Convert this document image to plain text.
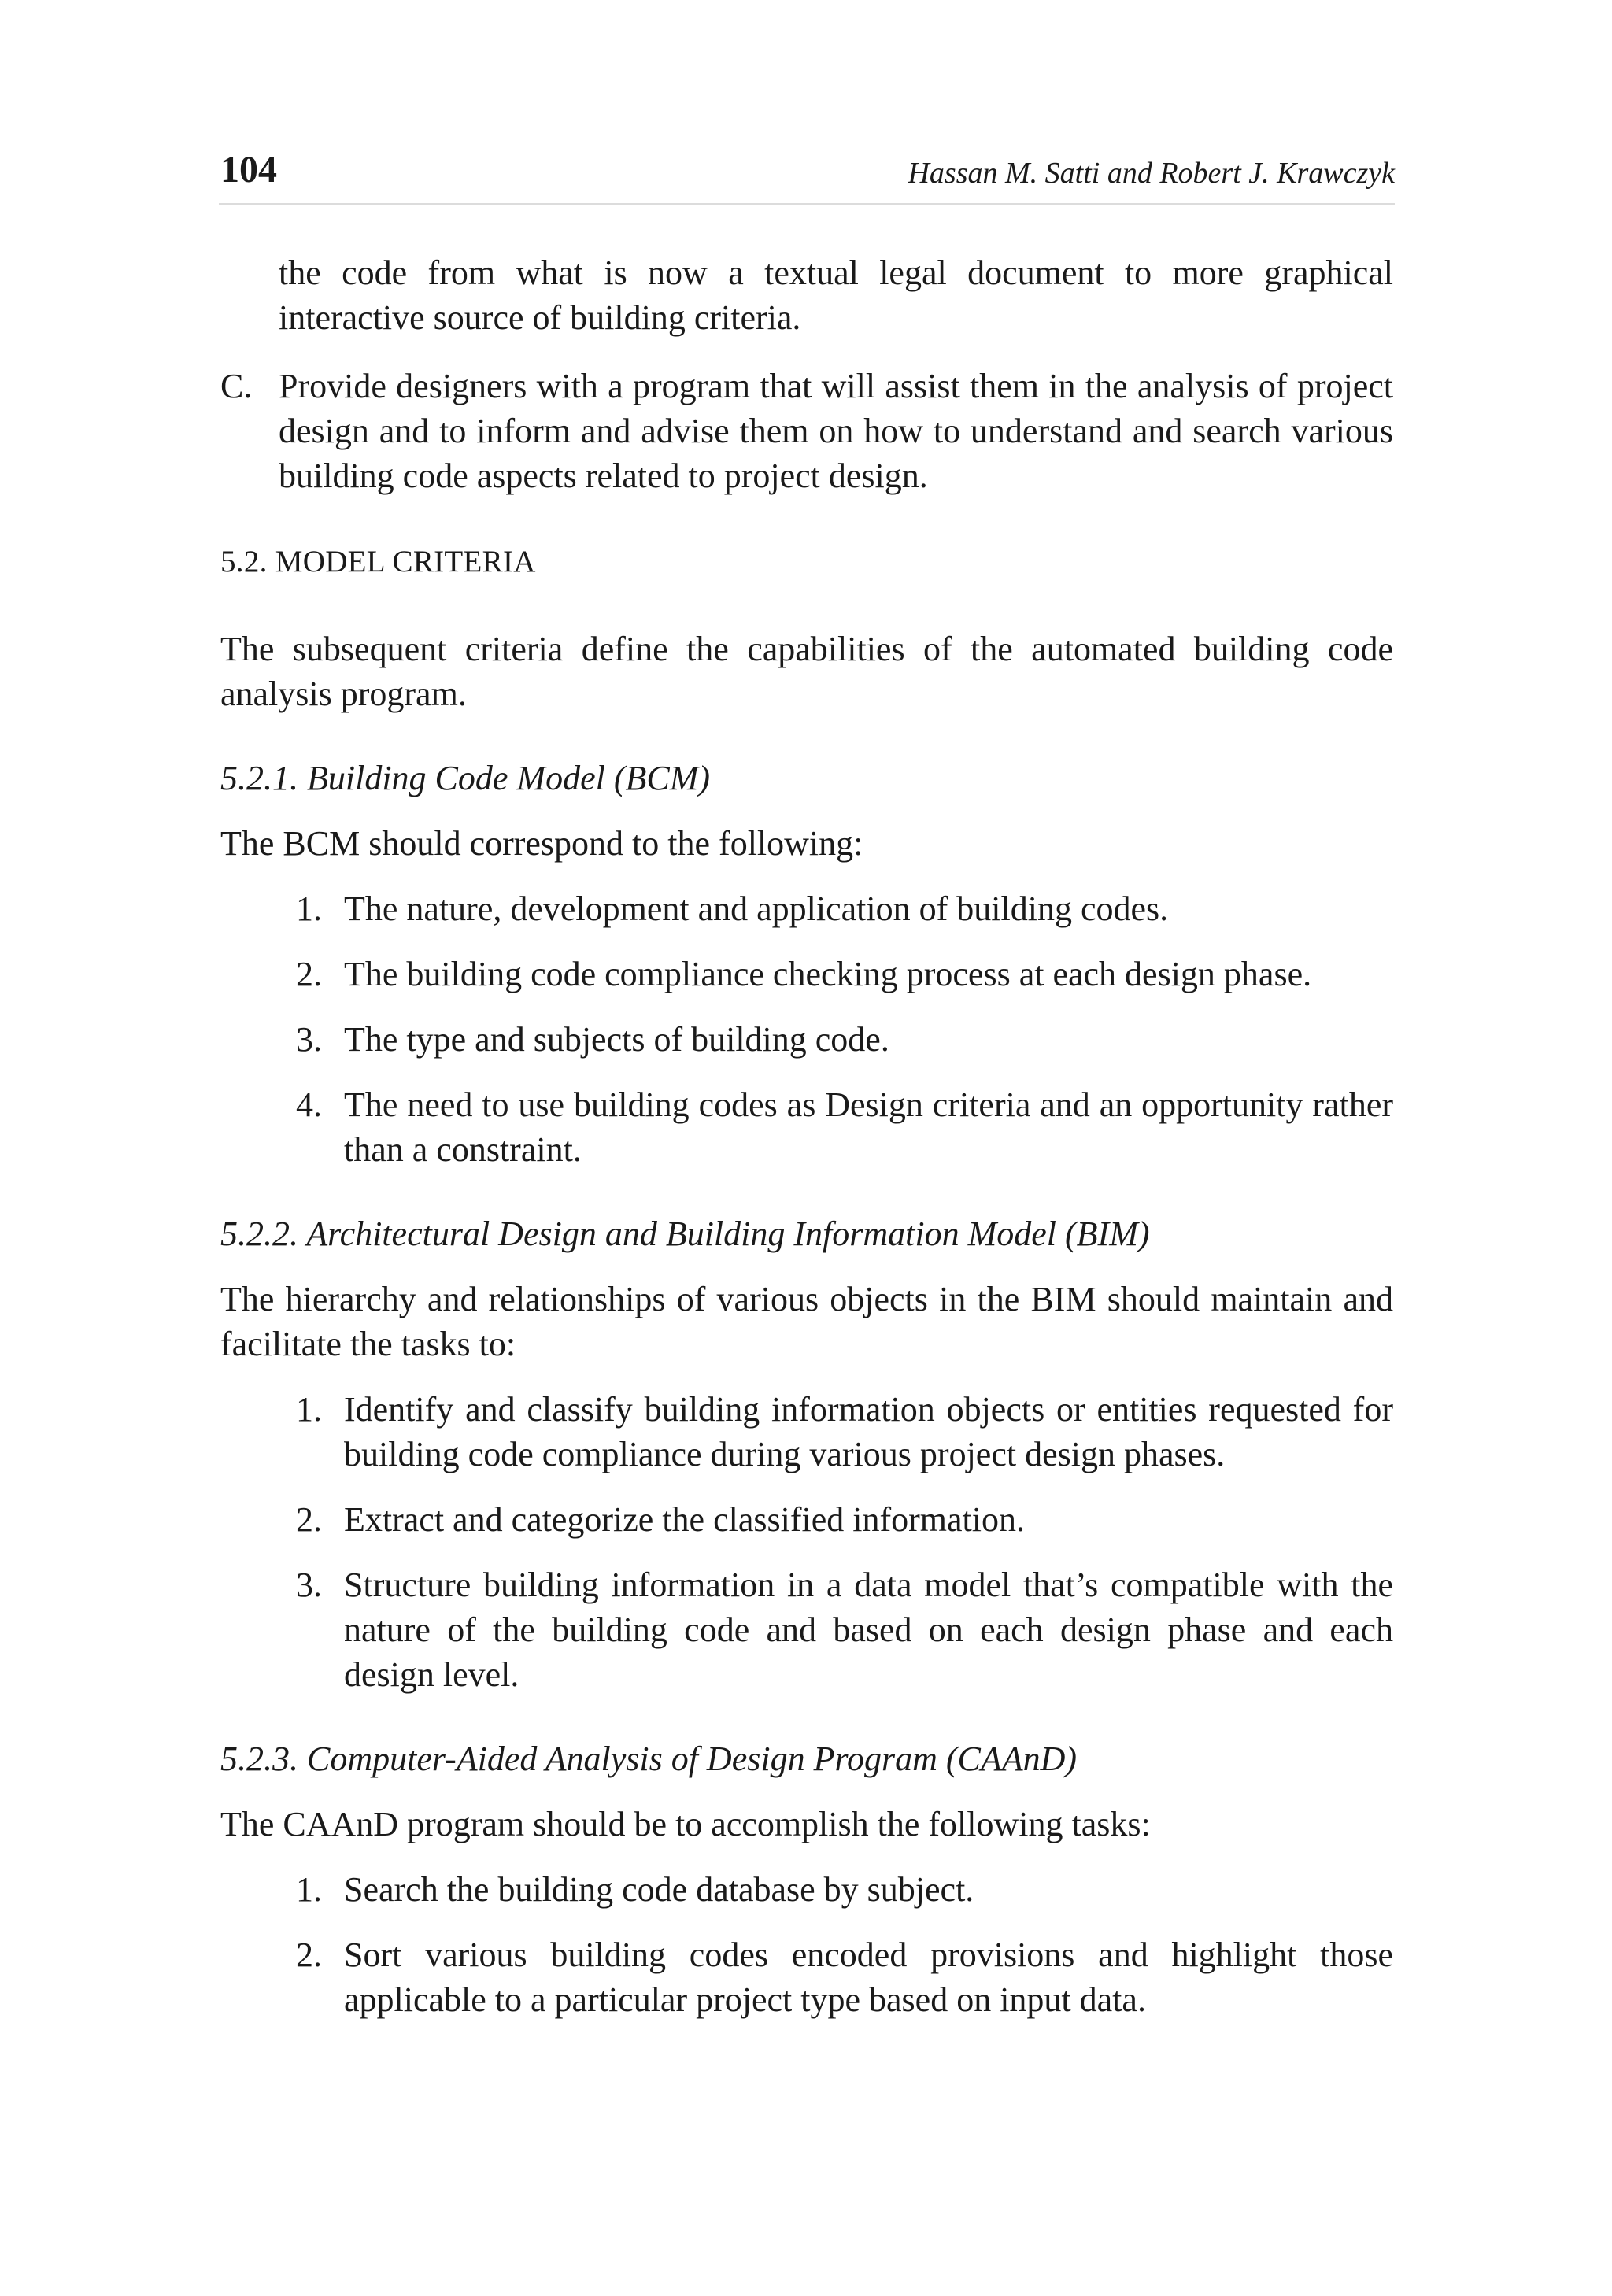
104	Hassan M. Satti and Robert J. Krawczyk

the code from what is now a textual legal document to more graphical interactive source of building criteria.

C. Provide designers with a program that will assist them in the analysis of project design and to inform and advise them on how to understand and search various building code aspects related to project design.
5.2. MODEL CRITERIA

The subsequent criteria define the capabilities of the automated building code analysis program.

5.2.1. Building Code Model (BCM)

The BCM should correspond to the following:

1. The nature, development and application of building codes.
2. The building code compliance checking process at each design phase.
3. The type and subjects of building code.
4. The need to use building codes as Design criteria and an opportunity rather than a constraint.
5.2.2. Architectural Design and Building Information Model (BIM)

The hierarchy and relationships of various objects in the BIM should maintain and facilitate the tasks to:

1. Identify and classify building information objects or entities requested for building code compliance during various project design phases.
2. Extract and categorize the classified information.
3. Structure building information in a data model that’s compatible with the nature of the building code and based on each design phase and each design level.
5.2.3. Computer-Aided Analysis of Design Program (CAAnD)

The CAAnD program should be to accomplish the following tasks:

1. Search the building code database by subject.
2. Sort various building codes encoded provisions and highlight those applicable to a particular project type based on input data.
